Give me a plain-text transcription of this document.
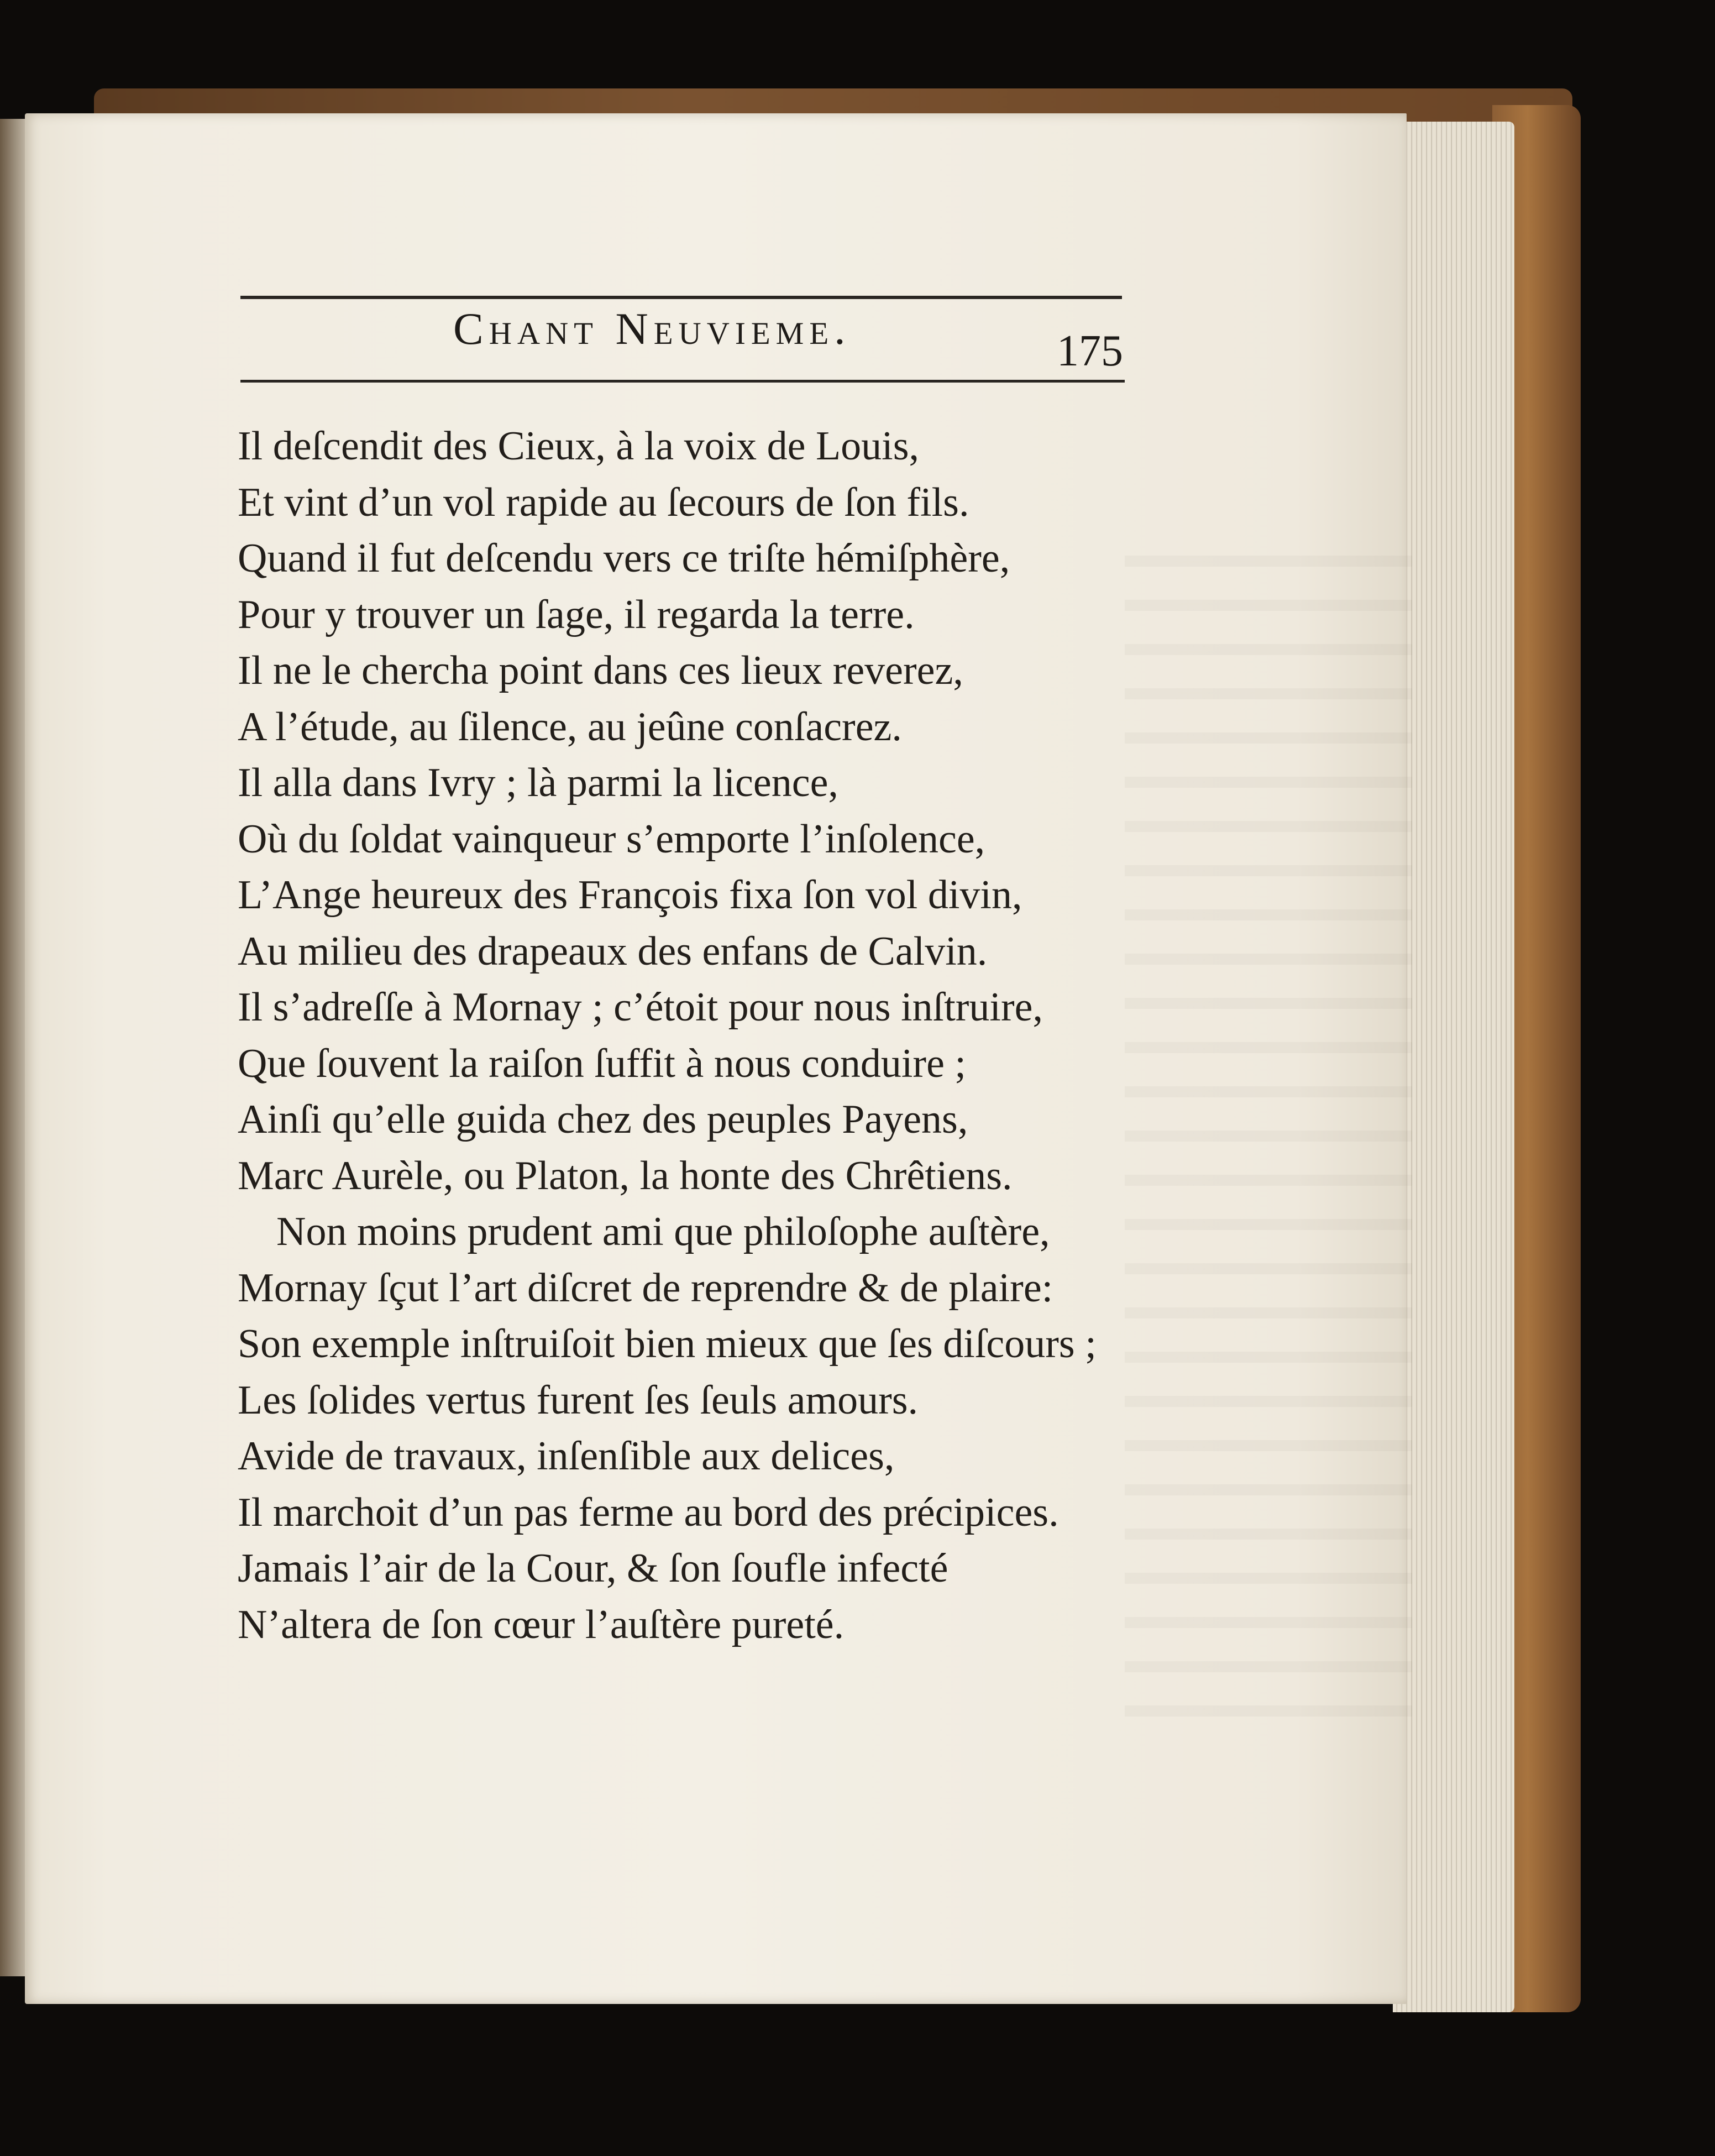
Chant Neuvieme.	175
Il deſcendit des Cieux, à la voix de Louis,
Et vint d’un vol rapide au ſecours de ſon fils.
Quand il fut deſcendu vers ce triſte hémiſphère,
Pour y trouver un ſage, il regarda la terre.
Il ne le chercha point dans ces lieux reverez,
A l’étude, au ſilence, au jeûne conſacrez.
Il alla dans Ivry ; là parmi la licence,
Où du ſoldat vainqueur s’emporte l’inſolence,
L’Ange heureux des François fixa ſon vol divin,
Au milieu des drapeaux des enfans de Calvin.
Il s’adreſſe à Mornay ; c’étoit pour nous inſtruire,
Que ſouvent la raiſon ſuffit à nous conduire ;
Ainſi qu’elle guida chez des peuples Payens,
Marc Aurèle, ou Platon, la honte des Chrêtiens.
Non moins prudent ami que philoſophe auſtère,
Mornay ſçut l’art diſcret de reprendre & de plaire:
Son exemple inſtruiſoit bien mieux que ſes diſcours ;
Les ſolides vertus furent ſes ſeuls amours.
Avide de travaux, inſenſible aux delices,
Il marchoit d’un pas ferme au bord des précipices.
Jamais l’air de la Cour, & ſon ſoufle infecté
N’altera de ſon cœur l’auſtère pureté.
